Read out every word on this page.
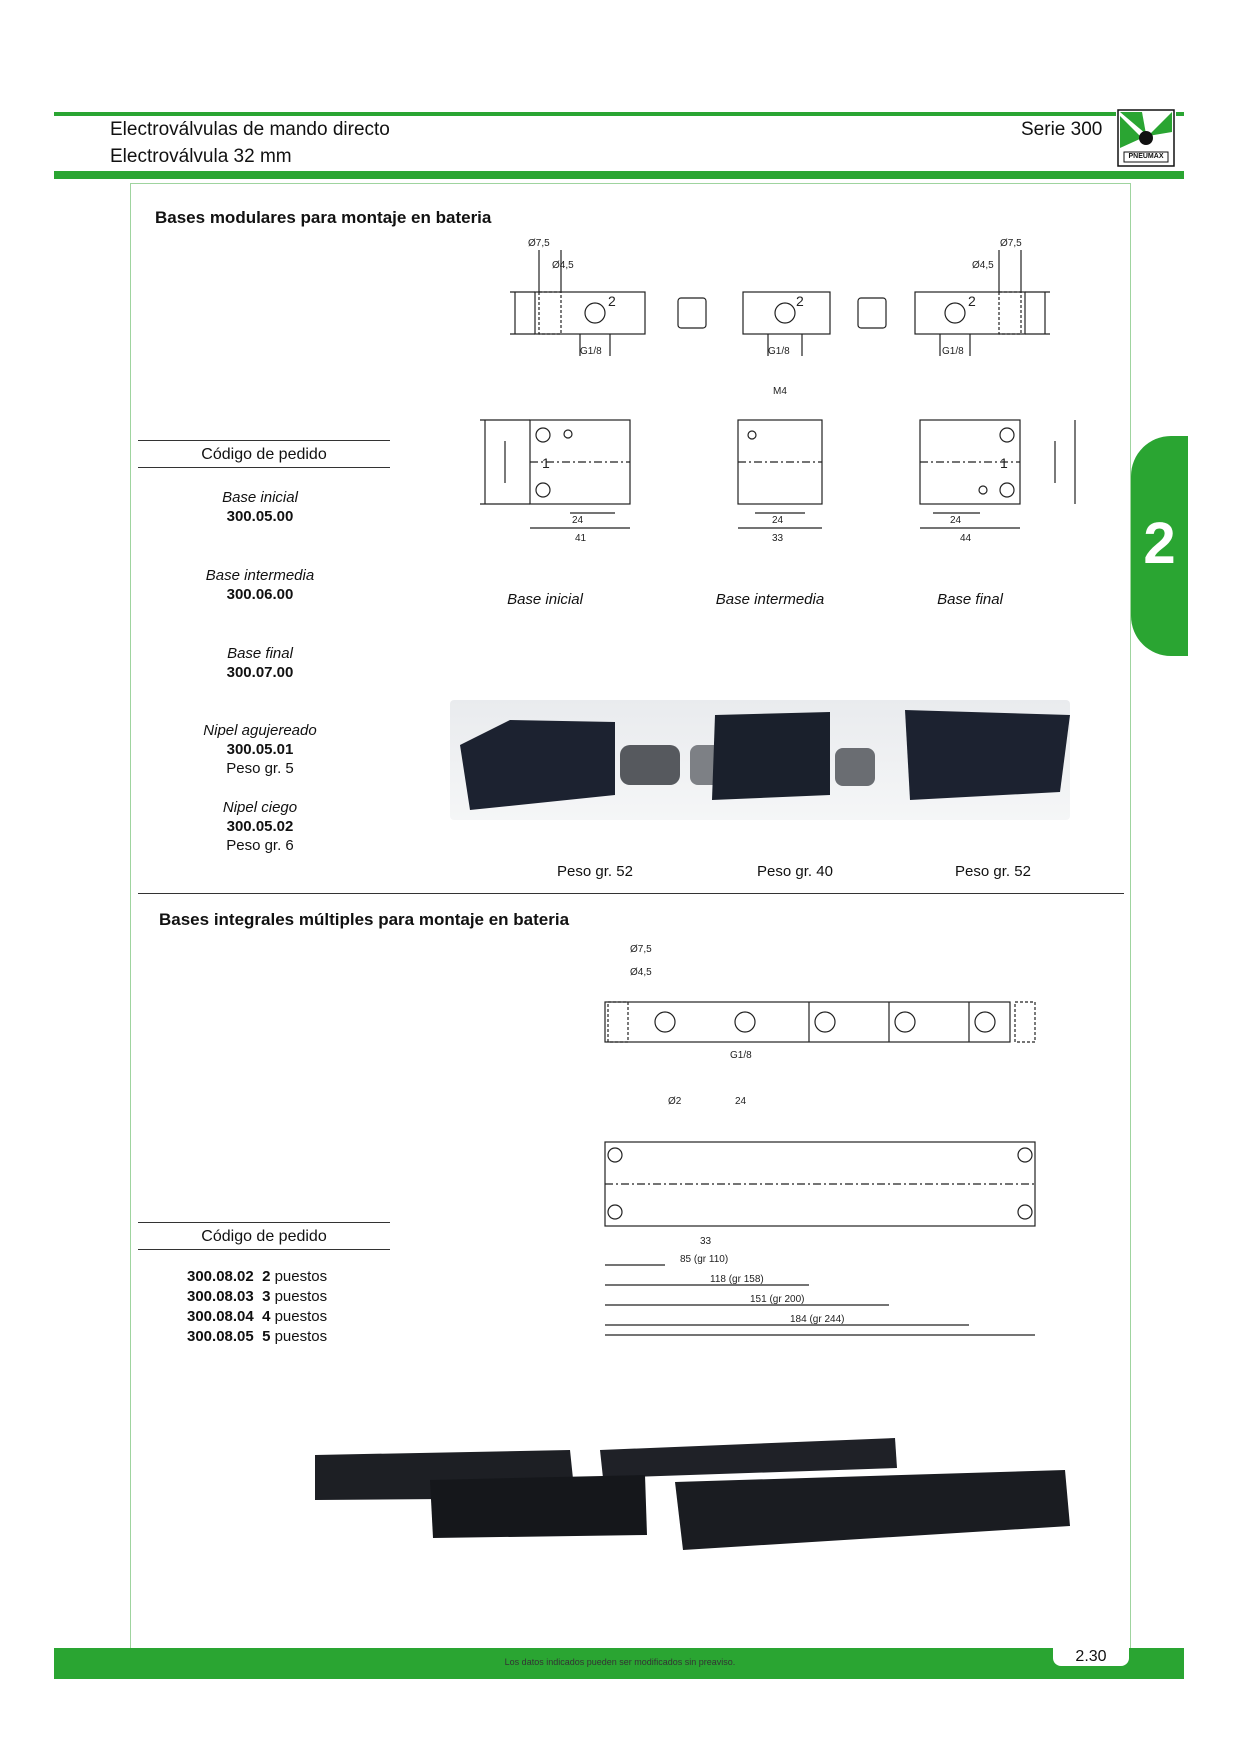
Electroválvulas de mando directo
Electroválvula 32 mm
Serie 300
PNEUMAX
2
Bases modulares para montaje en bateria
Código de pedido
Base inicial
300.05.00
Base intermedia
300.06.00
Base final
300.07.00
Nipel agujereado
300.05.01
Peso gr. 5
Nipel ciego
300.05.02
Peso gr. 6
Ø7,5
Ø4,5
G1/8	G1/8	G1/8
Ø7,5
Ø4,5
M4
24
41
24
33
24
44
2	2	2
1	1
Base inicial	Base intermedia	Base final
Peso gr. 52	Peso gr. 40	Peso gr. 52
Bases integrales múltiples para montaje en bateria
Ø7,5
Ø4,5
G1/8
Ø2	24
33
85 (gr 110)
118 (gr 158)
151 (gr 200)
184 (gr 244)
Código de pedido
300.08.02 2 puestos
300.08.03 3 puestos
300.08.04 4 puestos
300.08.05 5 puestos
2.30
Los datos indicados pueden ser modificados sin preaviso.
